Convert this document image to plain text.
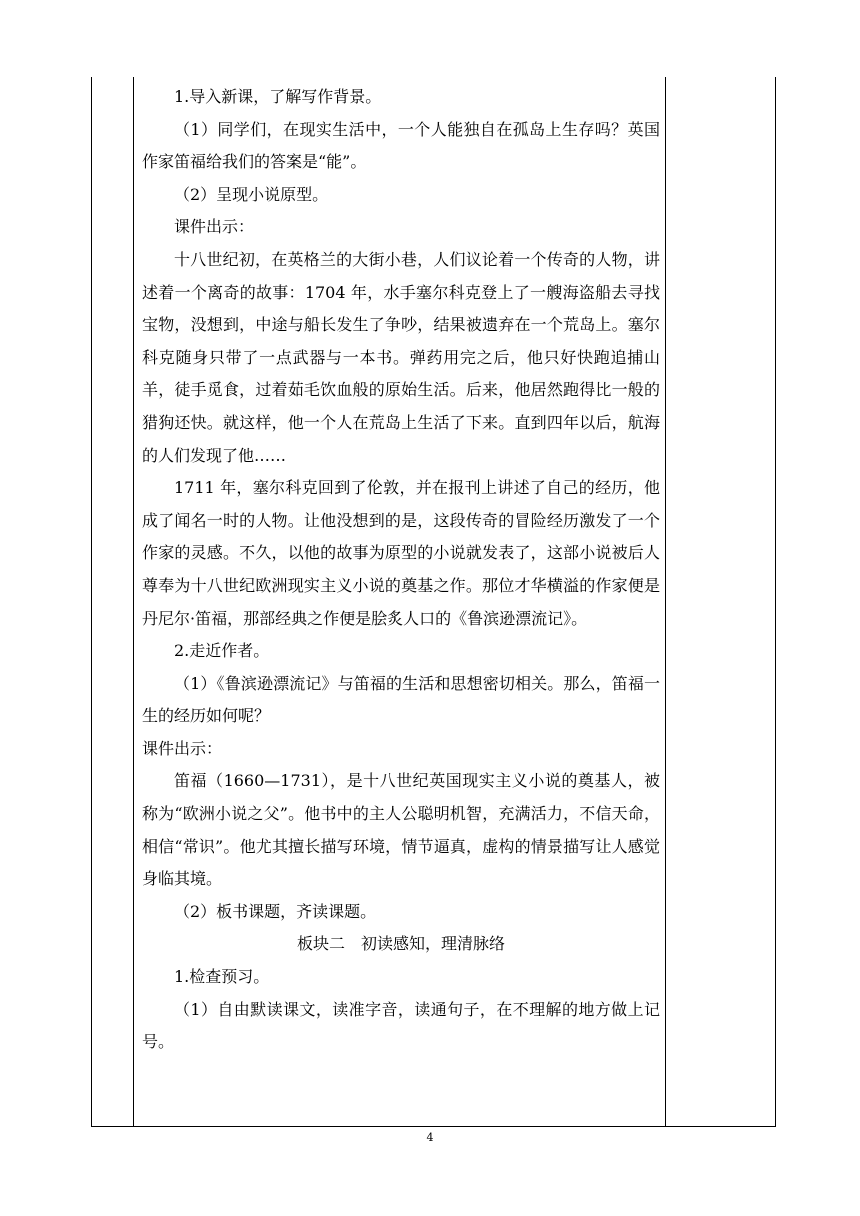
1.导入新课，了解写作背景。

（1）同学们，在现实生活中，一个人能独自在孤岛上生存吗？英国作家笛福给我们的答案是“能”。

（2）呈现小说原型。

课件出示：

十八世纪初，在英格兰的大街小巷，人们议论着一个传奇的人物，讲述着一个离奇的故事：1704 年，水手塞尔科克登上了一艘海盗船去寻找宝物，没想到，中途与船长发生了争吵，结果被遗弃在一个荒岛上。塞尔科克随身只带了一点武器与一本书。弹药用完之后，他只好快跑追捕山羊，徒手觅食，过着茹毛饮血般的原始生活。后来，他居然跑得比一般的猎狗还快。就这样，他一个人在荒岛上生活了下来。直到四年以后，航海的人们发现了他……

1711 年，塞尔科克回到了伦敦，并在报刊上讲述了自己的经历，他成了闻名一时的人物。让他没想到的是，这段传奇的冒险经历激发了一个作家的灵感。不久，以他的故事为原型的小说就发表了，这部小说被后人尊奉为十八世纪欧洲现实主义小说的奠基之作。那位才华横溢的作家便是丹尼尔·笛福，那部经典之作便是脍炙人口的《鲁滨逊漂流记》。

2.走近作者。

（1）《鲁滨逊漂流记》与笛福的生活和思想密切相关。那么，笛福一生的经历如何呢？

课件出示：

笛福（1660—1731），是十八世纪英国现实主义小说的奠基人，被称为“欧洲小说之父”。他书中的主人公聪明机智，充满活力，不信天命，相信“常识”。他尤其擅长描写环境，情节逼真，虚构的情景描写让人感觉身临其境。

（2）板书课题，齐读课题。

板块二　初读感知，理清脉络

1.检查预习。

（1）自由默读课文，读准字音，读通句子，在不理解的地方做上记号。

4
